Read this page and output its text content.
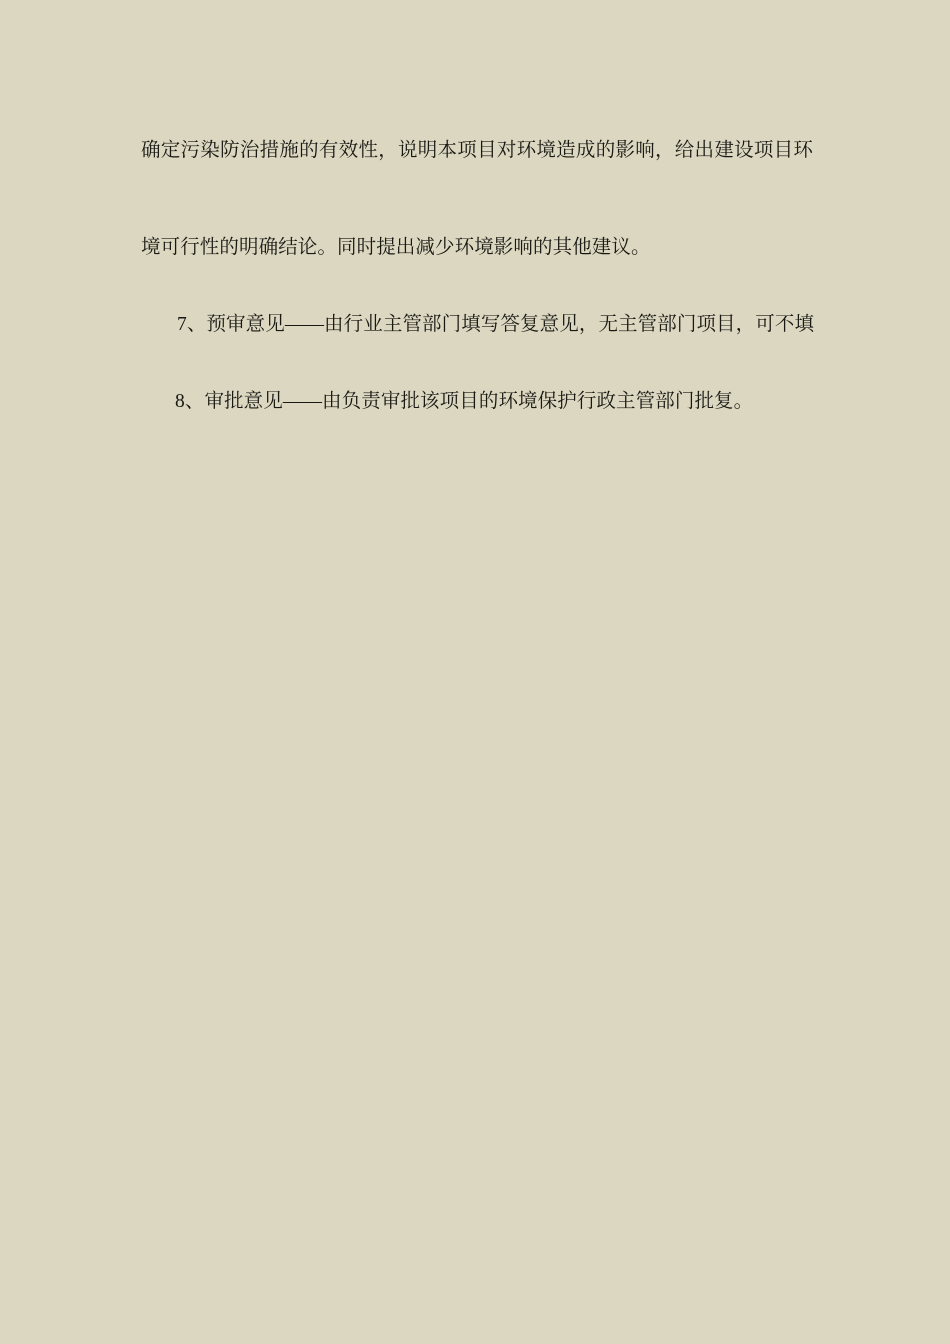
确定污染防治措施的有效性，说明本项目对环境造成的影响，给出建设项目环

境可行性的明确结论。同时提出减少环境影响的其他建议。

7、预审意见——由行业主管部门填写答复意见，无主管部门项目，可不填

8、审批意见——由负责审批该项目的环境保护行政主管部门批复。
